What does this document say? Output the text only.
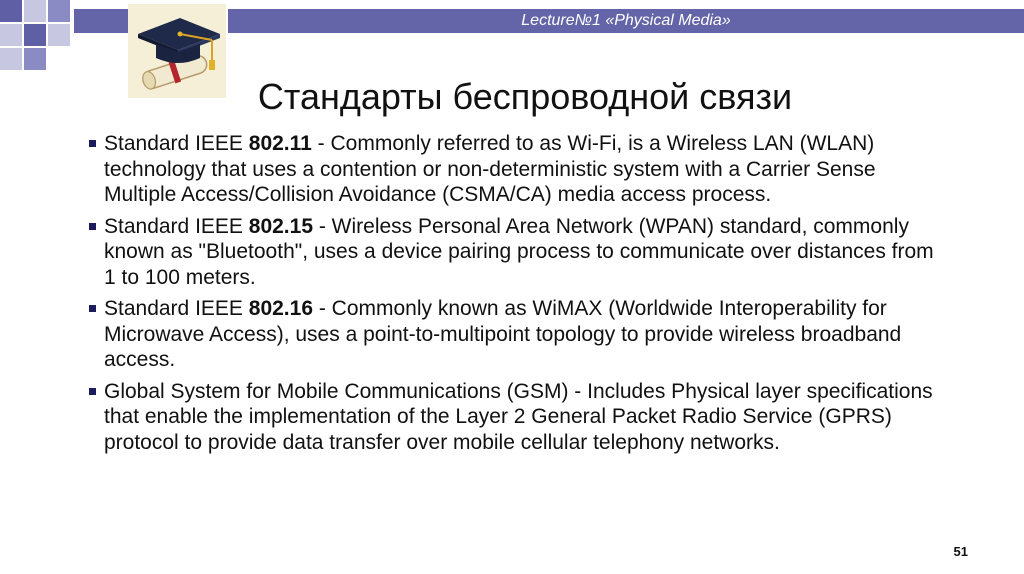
Lecture№1 «Physical Media»
Стандарты беспроводной связи
Standard IEEE 802.11 - Commonly referred to as Wi-Fi, is a Wireless LAN (WLAN) technology that uses a contention or non-deterministic system with a Carrier Sense Multiple Access/Collision Avoidance (CSMA/CA) media access process.
Standard IEEE 802.15 - Wireless Personal Area Network (WPAN) standard, commonly known as "Bluetooth", uses a device pairing process to communicate over distances from 1 to 100 meters.
Standard IEEE 802.16 - Commonly known as WiMAX (Worldwide Interoperability for Microwave Access), uses a point-to-multipoint topology to provide wireless broadband access.
Global System for Mobile Communications (GSM) - Includes Physical layer specifications that enable the implementation of the Layer 2 General Packet Radio Service (GPRS) protocol to provide data transfer over mobile cellular telephony networks.
51
